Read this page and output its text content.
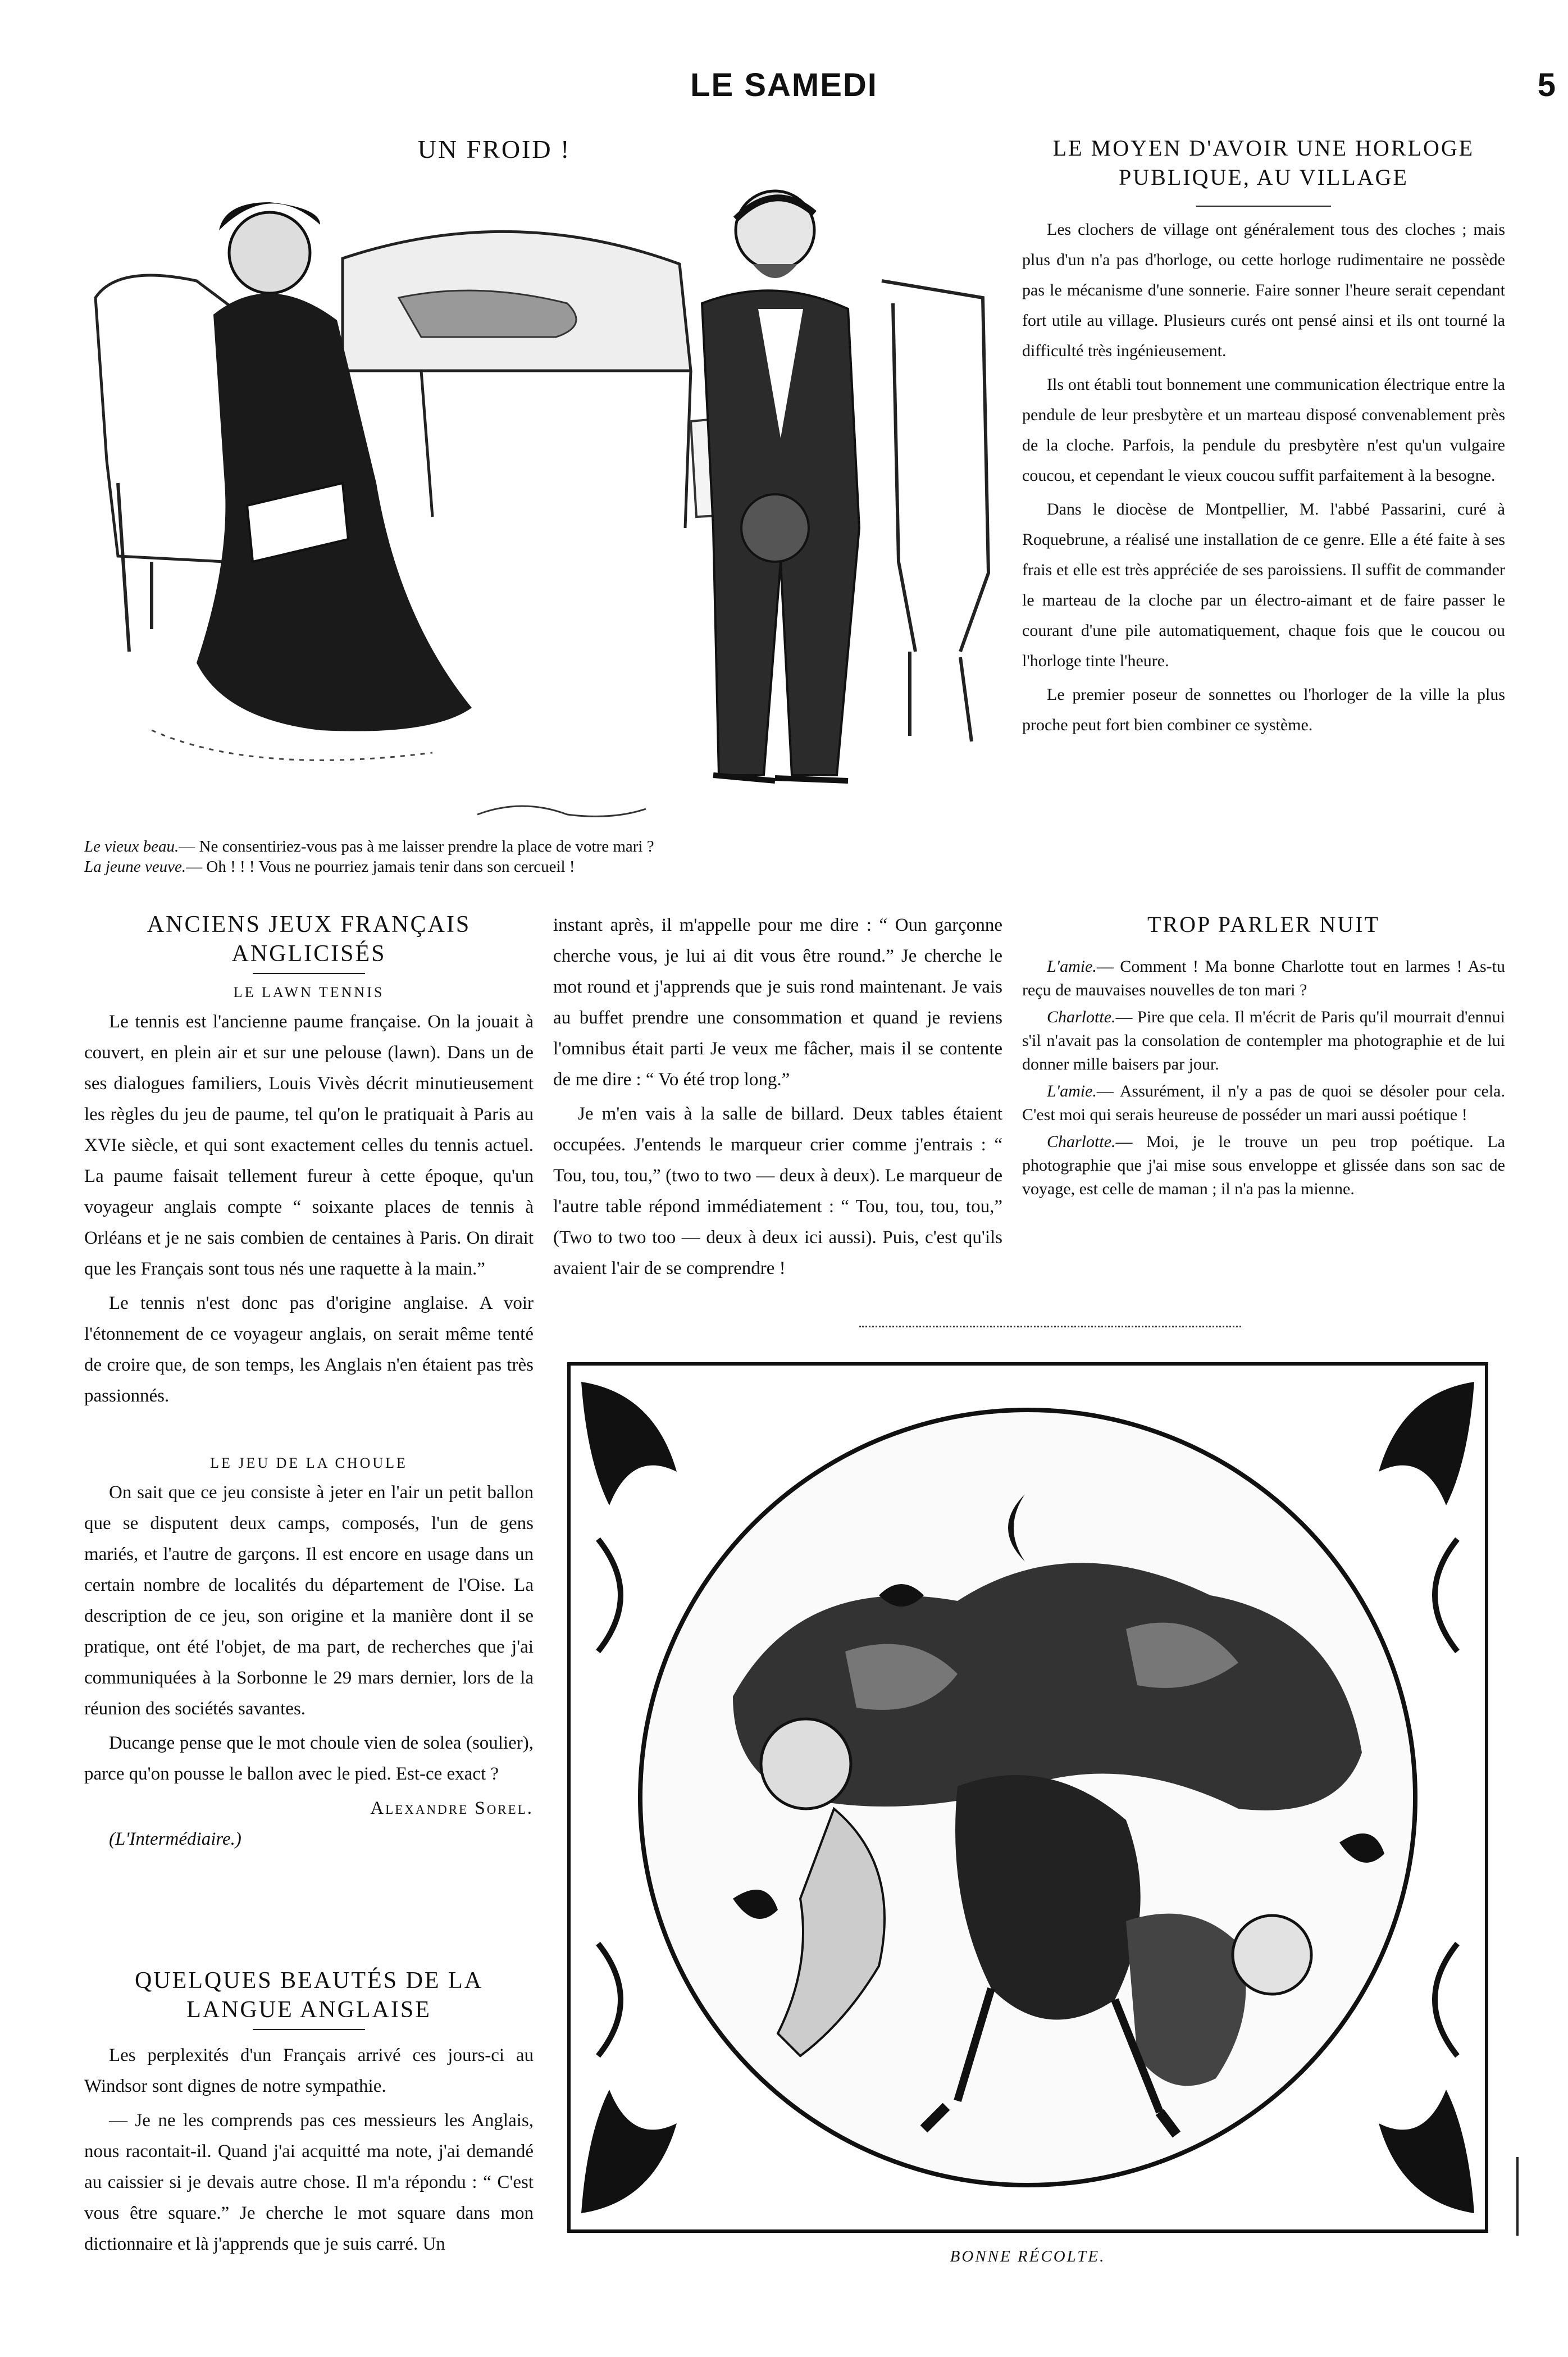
LE SAMEDI	5
UN FROID !
Le vieux beau.— Ne consentiriez-vous pas à me laisser prendre la place de votre mari ?
La jeune veuve.— Oh ! ! ! Vous ne pourriez jamais tenir dans son cercueil !
LE MOYEN D'AVOIR UNE HORLOGE PUBLIQUE, AU VILLAGE

Les clochers de village ont généralement tous des cloches ; mais plus d'un n'a pas d'horloge, ou cette horloge rudimentaire ne possède pas le mécanisme d'une sonnerie. Faire sonner l'heure serait cependant fort utile au village. Plusieurs curés ont pensé ainsi et ils ont tourné la difficulté très ingénieusement.

Ils ont établi tout bonnement une communication électrique entre la pendule de leur presbytère et un marteau disposé convenablement près de la cloche. Parfois, la pendule du presbytère n'est qu'un vulgaire coucou, et cependant le vieux coucou suffit parfaitement à la besogne.

Dans le diocèse de Montpellier, M. l'abbé Passarini, curé à Roquebrune, a réalisé une installation de ce genre. Elle a été faite à ses frais et elle est très appréciée de ses paroissiens. Il suffit de commander le marteau de la cloche par un électro-aimant et de faire passer le courant d'une pile automatiquement, chaque fois que le coucou ou l'horloge tinte l'heure.

Le premier poseur de sonnettes ou l'horloger de la ville la plus proche peut fort bien combiner ce système.

TROP PARLER NUIT

L'amie.— Comment ! Ma bonne Charlotte tout en larmes ! As-tu reçu de mauvaises nouvelles de ton mari ?

Charlotte.— Pire que cela. Il m'écrit de Paris qu'il mourrait d'ennui s'il n'avait pas la consolation de contempler ma photographie et de lui donner mille baisers par jour.

L'amie.— Assurément, il n'y a pas de quoi se désoler pour cela. C'est moi qui serais heureuse de posséder un mari aussi poétique !

Charlotte.— Moi, je le trouve un peu trop poétique. La photographie que j'ai mise sous enveloppe et glissée dans son sac de voyage, est celle de maman ; il n'a pas la mienne.

ANCIENS JEUX FRANÇAIS ANGLICISÉS
LE LAWN TENNIS

Le tennis est l'ancienne paume française. On la jouait à couvert, en plein air et sur une pelouse (lawn). Dans un de ses dialogues familiers, Louis Vivès décrit minutieusement les règles du jeu de paume, tel qu'on le pratiquait à Paris au XVIe siècle, et qui sont exactement celles du tennis actuel. La paume faisait tellement fureur à cette époque, qu'un voyageur anglais compte “ soixante places de tennis à Orléans et je ne sais combien de centaines à Paris. On dirait que les Français sont tous nés une raquette à la main.”

Le tennis n'est donc pas d'origine anglaise. A voir l'étonnement de ce voyageur anglais, on serait même tenté de croire que, de son temps, les Anglais n'en étaient pas très passionnés.

LE JEU DE LA CHOULE

On sait que ce jeu consiste à jeter en l'air un petit ballon que se disputent deux camps, composés, l'un de gens mariés, et l'autre de garçons. Il est encore en usage dans un certain nombre de localités du département de l'Oise. La description de ce jeu, son origine et la manière dont il se pratique, ont été l'objet, de ma part, de recherches que j'ai communiquées à la Sorbonne le 29 mars dernier, lors de la réunion des sociétés savantes.

Ducange pense que le mot choule vien de solea (soulier), parce qu'on pousse le ballon avec le pied. Est-ce exact ?

Alexandre Sorel.
(L'Intermédiaire.)
QUELQUES BEAUTÉS DE LA LANGUE ANGLAISE

Les perplexités d'un Français arrivé ces jours-ci au Windsor sont dignes de notre sympathie.

— Je ne les comprends pas ces messieurs les Anglais, nous racontait-il. Quand j'ai acquitté ma note, j'ai demandé au caissier si je devais autre chose. Il m'a répondu : “ C'est vous être square.” Je cherche le mot square dans mon dictionnaire et là j'apprends que je suis carré. Un

instant après, il m'appelle pour me dire : “ Oun garçonne cherche vous, je lui ai dit vous être round.” Je cherche le mot round et j'apprends que je suis rond maintenant. Je vais au buffet prendre une consommation et quand je reviens l'omnibus était parti Je veux me fâcher, mais il se contente de me dire : “ Vo été trop long.”

Je m'en vais à la salle de billard. Deux tables étaient occupées. J'entends le marqueur crier comme j'entrais : “ Tou, tou, tou,” (two to two — deux à deux). Le marqueur de l'autre table répond immédiatement : “ Tou, tou, tou, tou,” (Two to two too — deux à deux ici aussi). Puis, c'est qu'ils avaient l'air de se comprendre !

BONNE RÉCOLTE.
